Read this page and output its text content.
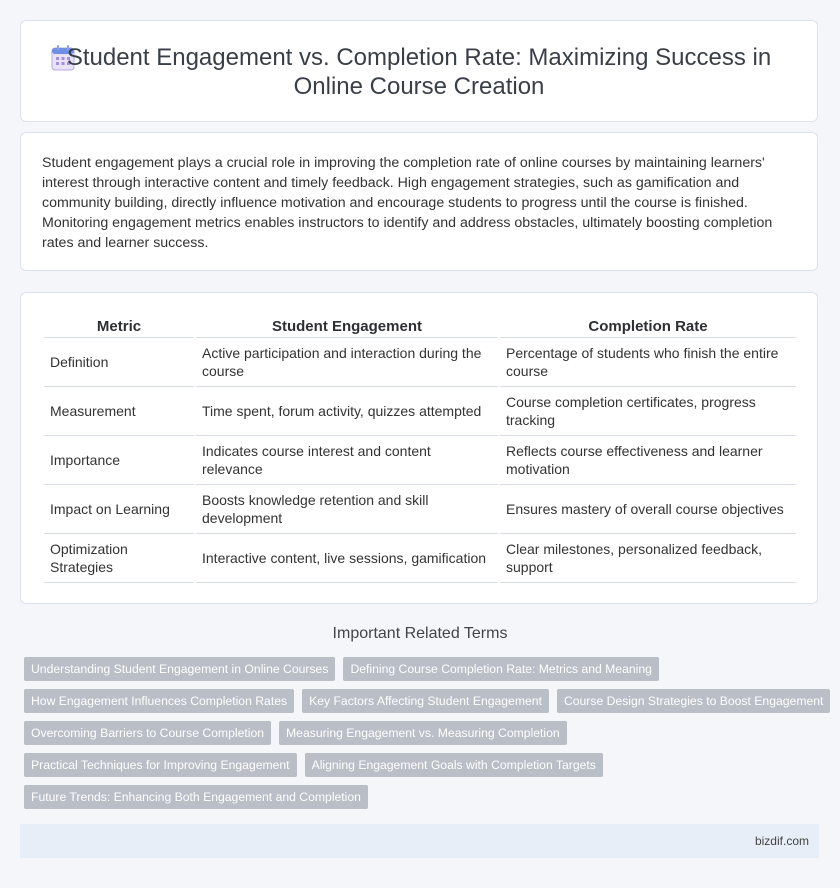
Student Engagement vs. Completion Rate: Maximizing Success in Online Course Creation

Student engagement plays a crucial role in improving the completion rate of online courses by maintaining learners' interest through interactive content and timely feedback. High engagement strategies, such as gamification and community building, directly influence motivation and encourage students to progress until the course is finished. Monitoring engagement metrics enables instructors to identify and address obstacles, ultimately boosting completion rates and learner success.

Metric	Student Engagement	Completion Rate
Definition	Active participation and interaction during the course	Percentage of students who finish the entire course
Measurement	Time spent, forum activity, quizzes attempted	Course completion certificates, progress tracking
Importance	Indicates course interest and content relevance	Reflects course effectiveness and learner motivation
Impact on Learning	Boosts knowledge retention and skill development	Ensures mastery of overall course objectives
Optimization Strategies	Interactive content, live sessions, gamification	Clear milestones, personalized feedback, support
Important Related Terms
Understanding Student Engagement in Online Courses	Defining Course Completion Rate: Metrics and Meaning
How Engagement Influences Completion Rates	Key Factors Affecting Student Engagement	Course Design Strategies to Boost Engagement
Overcoming Barriers to Course Completion	Measuring Engagement vs. Measuring Completion
Practical Techniques for Improving Engagement	Aligning Engagement Goals with Completion Targets
Future Trends: Enhancing Both Engagement and Completion
bizdif.com
